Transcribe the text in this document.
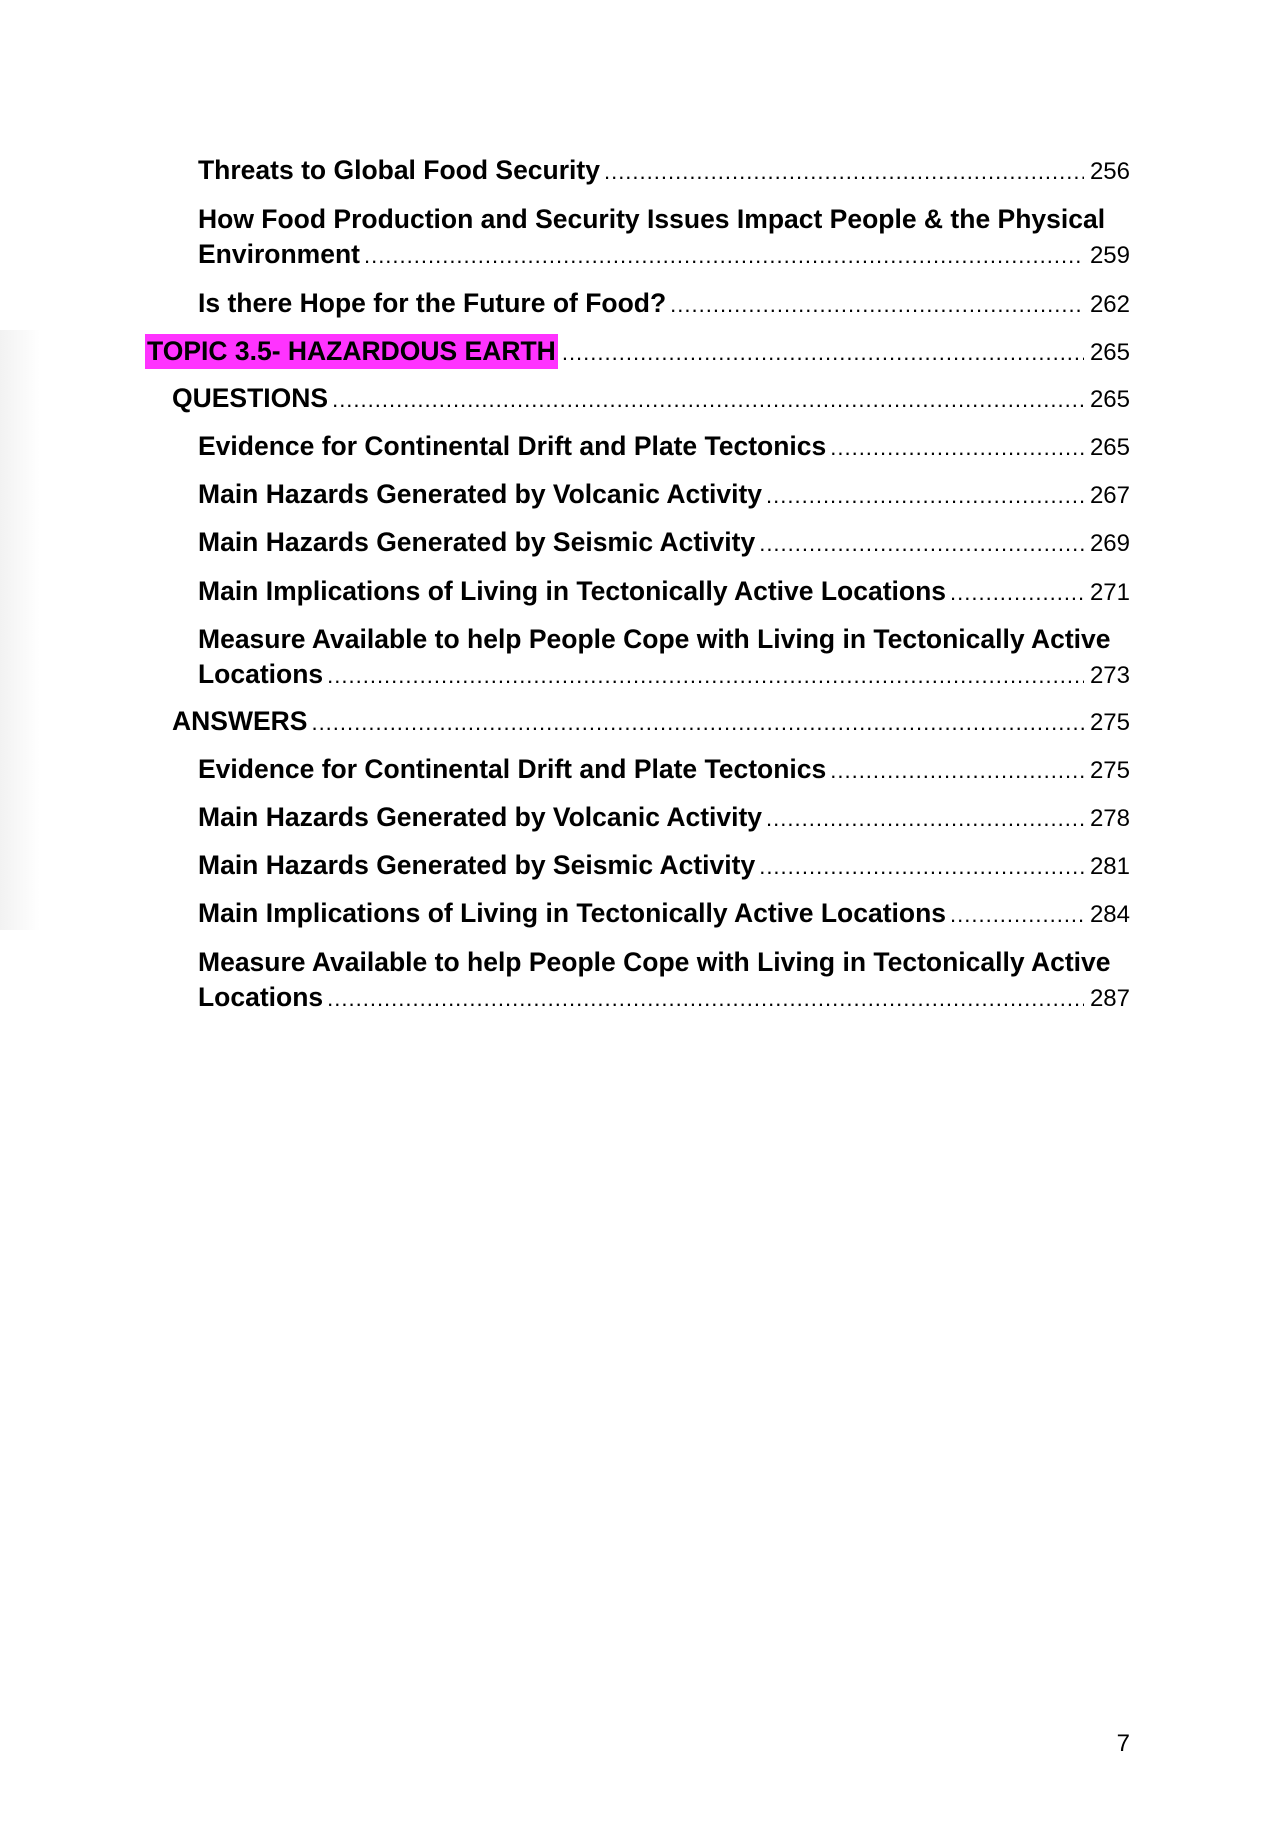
Threats to Global Food Security .....	256
How Food Production and Security Issues Impact People & the Physical
Environment .....	259
Is there Hope for the Future of Food? .....	262
TOPIC 3.5- HAZARDOUS EARTH .....	265
QUESTIONS .....	265
Evidence for Continental Drift and Plate Tectonics .....	265
Main Hazards Generated by Volcanic Activity .....	267
Main Hazards Generated by Seismic Activity .....	269
Main Implications of Living in Tectonically Active Locations .....	271
Measure Available to help People Cope with Living in Tectonically Active
Locations .....	273
ANSWERS .....	275
Evidence for Continental Drift and Plate Tectonics .....	275
Main Hazards Generated by Volcanic Activity .....	278
Main Hazards Generated by Seismic Activity .....	281
Main Implications of Living in Tectonically Active Locations .....	284
Measure Available to help People Cope with Living in Tectonically Active
Locations .....	287
7
